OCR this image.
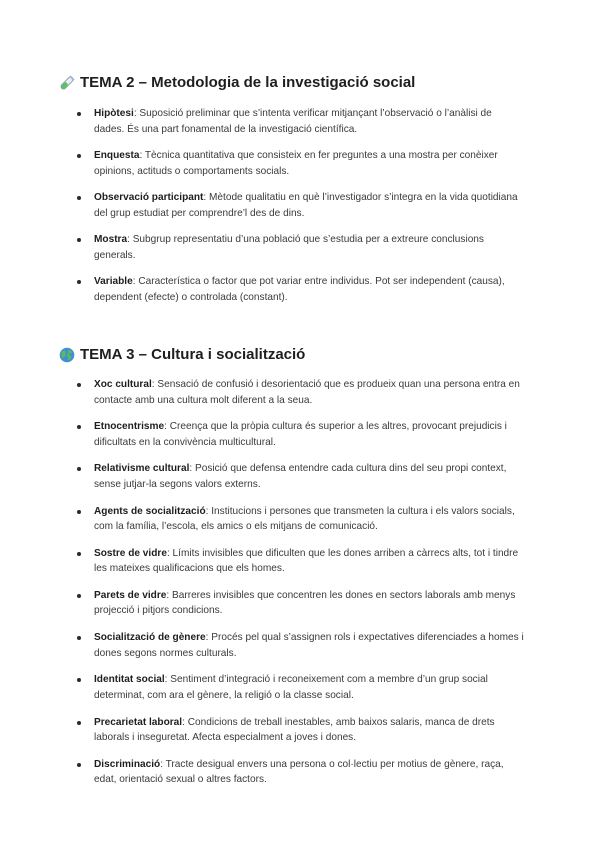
TEMA 2 – Metodologia de la investigació social
Hipòtesi: Suposició preliminar que s’intenta verificar mitjançant l’observació o l’anàlisi de dades. És una part fonamental de la investigació científica.
Enquesta: Tècnica quantitativa que consisteix en fer preguntes a una mostra per conèixer opinions, actituds o comportaments socials.
Observació participant: Mètode qualitatiu en què l’investigador s’integra en la vida quotidiana del grup estudiat per comprendre’l des de dins.
Mostra: Subgrup representatiu d’una població que s’estudia per a extreure conclusions generals.
Variable: Característica o factor que pot variar entre individus. Pot ser independent (causa), dependent (efecte) o controlada (constant).
TEMA 3 – Cultura i socialització
Xoc cultural: Sensació de confusió i desorientació que es produeix quan una persona entra en contacte amb una cultura molt diferent a la seua.
Etnocentrisme: Creença que la pròpia cultura és superior a les altres, provocant prejudicis i dificultats en la convivència multicultural.
Relativisme cultural: Posició que defensa entendre cada cultura dins del seu propi context, sense jutjar-la segons valors externs.
Agents de socialització: Institucions i persones que transmeten la cultura i els valors socials, com la família, l’escola, els amics o els mitjans de comunicació.
Sostre de vidre: Límits invisibles que dificulten que les dones arriben a càrrecs alts, tot i tindre les mateixes qualificacions que els homes.
Parets de vidre: Barreres invisibles que concentren les dones en sectors laborals amb menys projecció i pitjors condicions.
Socialització de gènere: Procés pel qual s’assignen rols i expectatives diferenciades a homes i dones segons normes culturals.
Identitat social: Sentiment d’integració i reconeixement com a membre d’un grup social determinat, com ara el gènere, la religió o la classe social.
Precarietat laboral: Condicions de treball inestables, amb baixos salaris, manca de drets laborals i inseguretat. Afecta especialment a joves i dones.
Discriminació: Tracte desigual envers una persona o col·lectiu per motius de gènere, raça, edat, orientació sexual o altres factors.
